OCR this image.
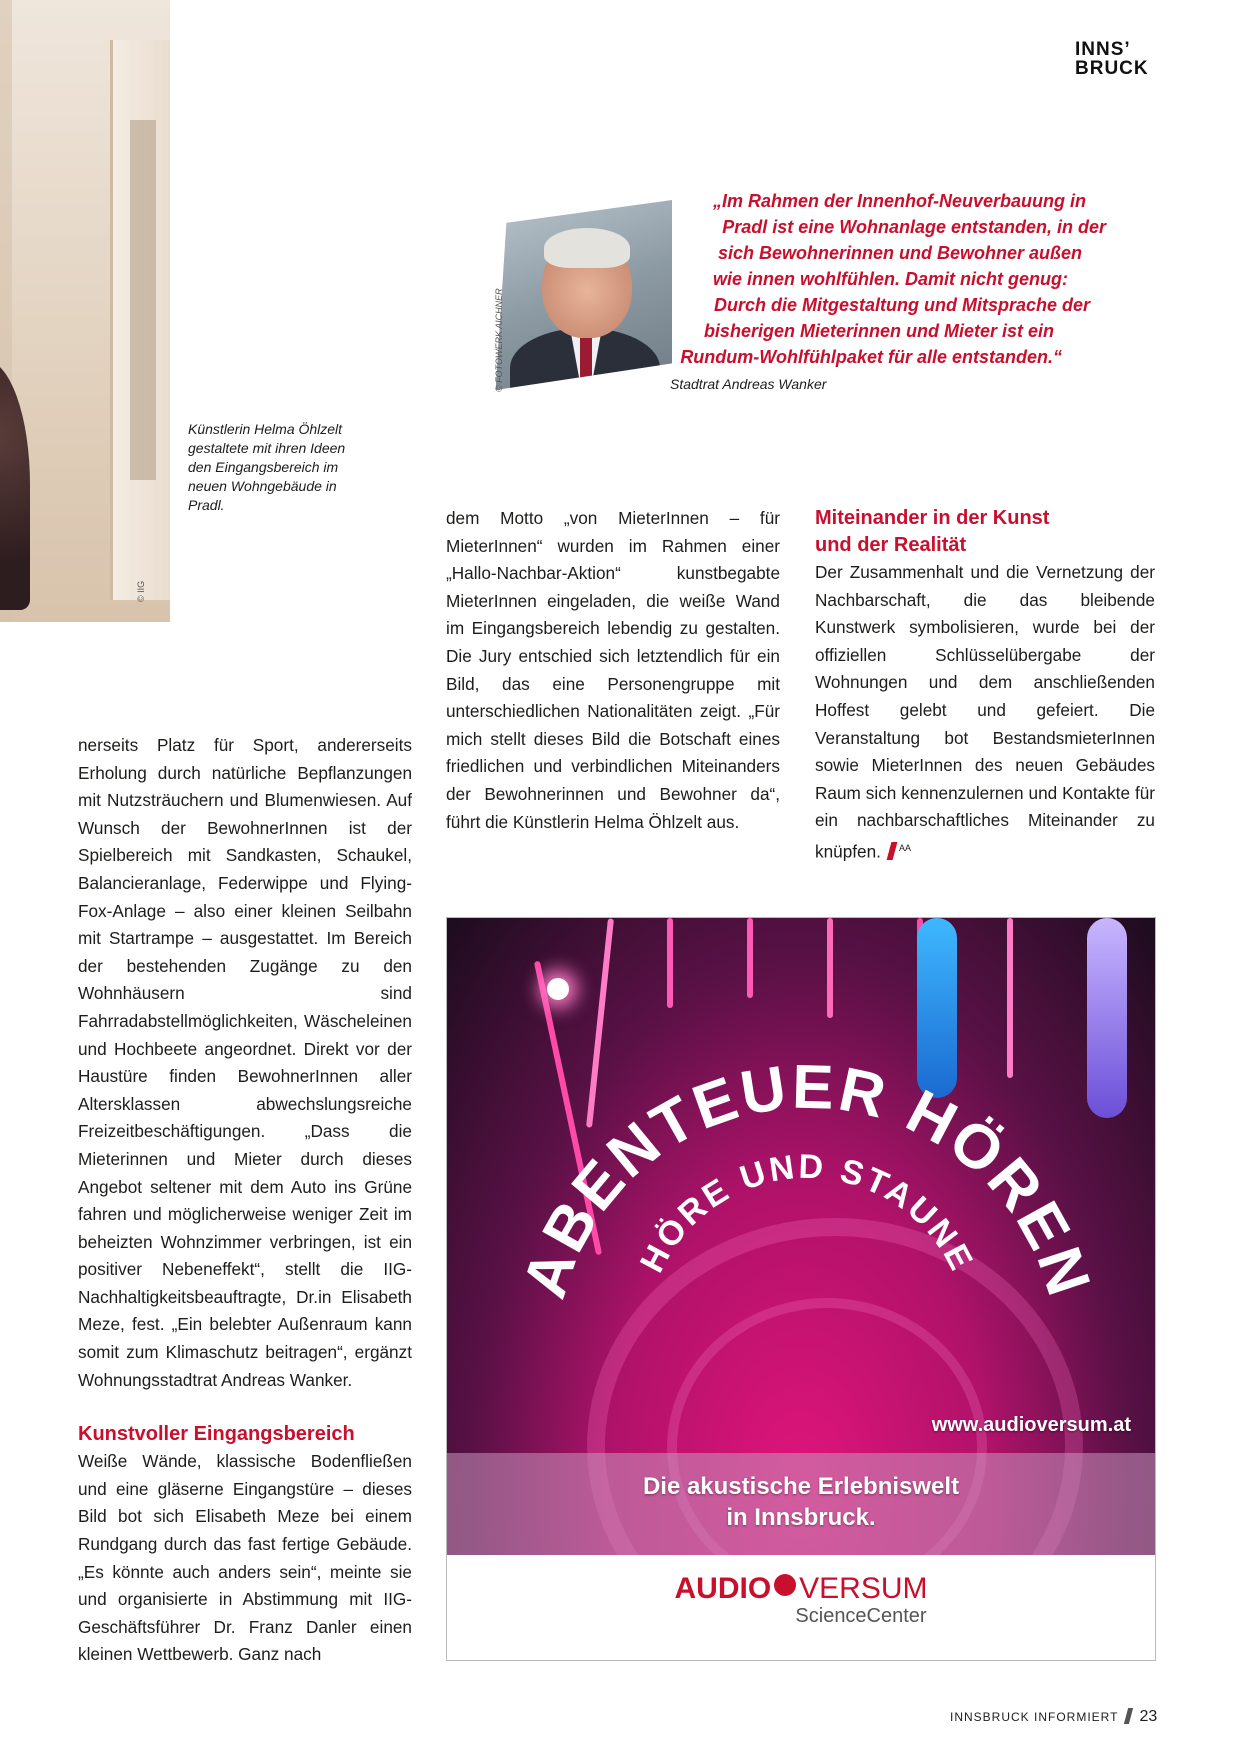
© IIG
Künstlerin Helma Öhlzelt gestaltete mit ihren Ideen den Eingangsbereich im neuen Wohngebäude in Pradl.
INNS’
BRUCK
© FOTOWERK AICHNER
„Im Rahmen der Innenhof-Neuverbauung in
Pradl ist eine Wohnanlage entstanden, in der
sich Bewohnerinnen und Bewohner außen
wie innen wohlfühlen. Damit nicht genug:
Durch die Mitgestaltung und Mitsprache der
bisherigen Mieterinnen und Mieter ist ein
Rundum-Wohlfühlpaket für alle entstanden.“
Stadtrat Andreas Wanker

nerseits Platz für Sport, andererseits Erholung durch natürliche Bepflanzungen mit Nutzsträuchern und Blumenwiesen. Auf Wunsch der BewohnerInnen ist der Spielbereich mit Sandkasten, Schaukel, Balancieranlage, Federwippe und Flying-Fox-Anlage – also einer kleinen Seilbahn mit Startrampe – ausgestattet. Im Bereich der bestehenden Zugänge zu den Wohnhäusern sind Fahrradabstellmöglichkeiten, Wäscheleinen und Hochbeete angeordnet. Direkt vor der Haustüre finden BewohnerInnen aller Altersklassen abwechslungsreiche Freizeitbeschäftigungen. „Dass die Mieterinnen und Mieter durch dieses Angebot seltener mit dem Auto ins Grüne fahren und möglicherweise weniger Zeit im beheizten Wohnzimmer verbringen, ist ein positiver Nebeneffekt“, stellt die IIG-Nachhaltigkeitsbeauftragte, Dr.in Elisabeth Meze, fest. „Ein belebter Außenraum kann somit zum Klimaschutz beitragen“, ergänzt Wohnungsstadtrat Andreas Wanker.

Kunstvoller Eingangsbereich

Weiße Wände, klassische Bodenfließen und eine gläserne Eingangstüre – dieses Bild bot sich Elisabeth Meze bei einem Rundgang durch das fast fertige Gebäude. „Es könnte auch anders sein“, meinte sie und organisierte in Abstimmung mit IIG-Geschäftsführer Dr. Franz Danler einen kleinen Wettbewerb. Ganz nach

dem Motto „von MieterInnen – für MieterInnen“ wurden im Rahmen einer „Hallo-Nachbar-Aktion“ kunstbegabte MieterInnen eingeladen, die weiße Wand im Eingangsbereich lebendig zu gestalten. Die Jury entschied sich letztendlich für ein Bild, das eine Personengruppe mit unterschiedlichen Nationalitäten zeigt. „Für mich stellt dieses Bild die Botschaft eines friedlichen und verbindlichen Miteinanders der Bewohnerinnen und Bewohner da“, führt die Künstlerin Helma Öhlzelt aus.

Miteinander in der Kunst
und der Realität

Der Zusammenhalt und die Vernetzung der Nachbarschaft, die das bleibende Kunstwerk symbolisieren, wurde bei der offiziellen Schlüsselübergabe der Wohnungen und dem anschließenden Hoffest gelebt und gefeiert. Die Veranstaltung bot BestandsmieterInnen sowie MieterInnen des neuen Gebäudes Raum sich kennenzulernen und Kontakte für ein nachbarschaftliches Miteinander zu knüpfen. $^{AA}$

ABENTEUER HÖREN
HÖRE UND STAUNE
www.audioversum.at
Die akustische Erlebniswelt
in Innsbruck.
AUDIO VERSUM
ScienceCenter
INNSBRUCK INFORMIERT 23
